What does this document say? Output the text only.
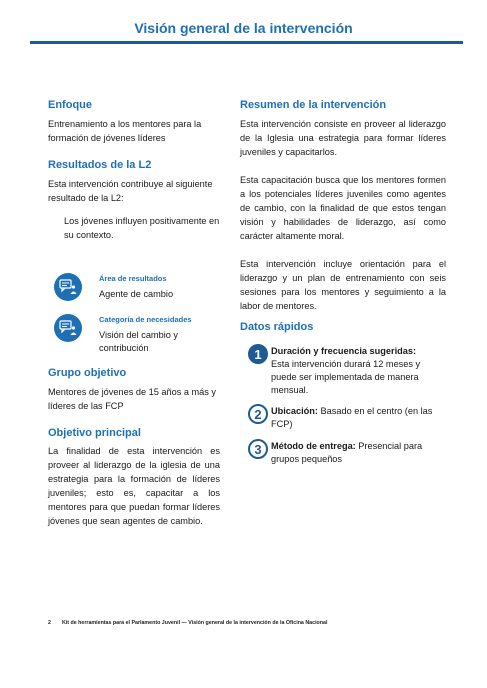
Visión general de la intervención
Enfoque

Entrenamiento a los mentores para la formación de jóvenes líderes

Resultados de la L2

Esta intervención contribuye al siguiente resultado de la L2:

Los jóvenes influyen positivamente en su contexto.

Área de resultados
Agente de cambio
Categoría de necesidades
Visión del cambio y contribución
Grupo objetivo

Mentores de jóvenes de 15 años a más y líderes de las FCP

Objetivo principal

La finalidad de esta intervención es proveer al liderazgo de la iglesia de una estrategia para la formación de líderes juveniles; esto es, capacitar a los mentores para que puedan formar líderes jóvenes que sean agentes de cambio.

Resumen de la intervención

Esta intervención consiste en proveer al liderazgo de la Iglesia una estrategia para formar líderes juveniles y capacitarlos.

Esta capacitación busca que los mentores formen a los potenciales líderes juveniles como agentes de cambio, con la finalidad de que estos tengan visión y habilidades de liderazgo, así como carácter altamente moral.

Esta intervención incluye orientación para el liderazgo y un plan de entrenamiento con seis sesiones para los mentores y seguimiento a la labor de mentores.

Datos rápidos
1	Duración y frecuencia sugeridas:
Esta intervención durará 12 meses y puede ser implementada de manera mensual.
2	Ubicación: Basado en el centro (en las FCP)
3	Método de entrega: Presencial para grupos pequeños
2 Kit de herramientas para el Parlamento Juvenil — Visión general de la intervención de la Oficina Nacional
